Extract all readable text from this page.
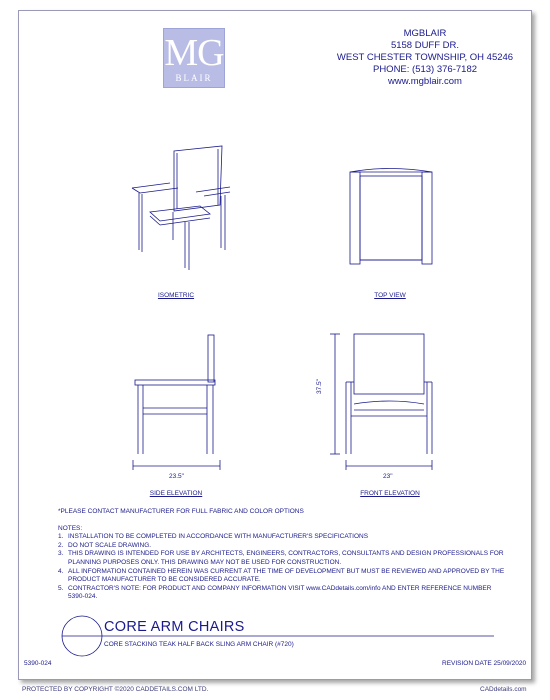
MG
BLAIR
MGBLAIR
5158 DUFF DR.
WEST CHESTER TOWNSHIP, OH 45246
PHONE: (513) 376-7182
www.mgblair.com
ISOMETRIC	TOP VIEW
SIDE ELEVATION	FRONT ELEVATION
23.5"	23"
37.5"
*PLEASE CONTACT MANUFACTURER FOR FULL FABRIC AND COLOR OPTIONS
NOTES:
1. INSTALLATION TO BE COMPLETED IN ACCORDANCE WITH MANUFACTURER'S SPECIFICATIONS
2. DO NOT SCALE DRAWING.
3. THIS DRAWING IS INTENDED FOR USE BY ARCHITECTS, ENGINEERS, CONTRACTORS, CONSULTANTS AND DESIGN PROFESSIONALS FOR PLANNING PURPOSES ONLY. THIS DRAWING MAY NOT BE USED FOR CONSTRUCTION.
4. ALL INFORMATION CONTAINED HEREIN WAS CURRENT AT THE TIME OF DEVELOPMENT BUT MUST BE REVIEWED AND APPROVED BY THE PRODUCT MANUFACTURER TO BE CONSIDERED ACCURATE.
5. CONTRACTOR'S NOTE: FOR PRODUCT AND COMPANY INFORMATION VISIT www.CADdetails.com/info AND ENTER REFERENCE NUMBER 5390-024.
CORE ARM CHAIRS
CORE STACKING TEAK HALF BACK SLING ARM CHAIR (#720)
5390-024	REVISION DATE 25/09/2020
PROTECTED BY COPYRIGHT ©2020 CADDETAILS.COM LTD.	CADdetails.com
